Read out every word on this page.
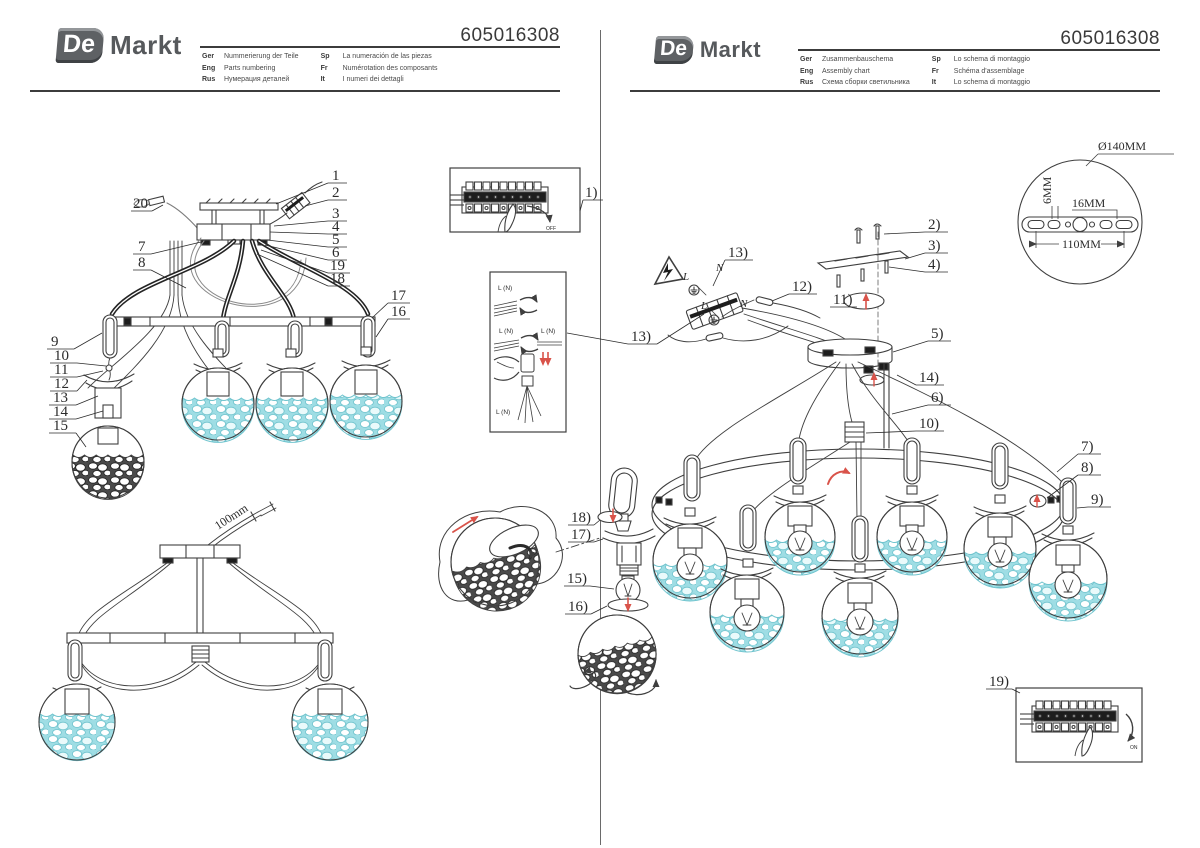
De Markt	605016308
Ger	Nummerierung der Teile
Eng	Parts numbering
Rus	Нумерация деталей
Sp	La numeración de las piezas
Fr	Numérotation des composants
It	I numeri dei dettagli
De Markt	605016308
Ger	Zusammenbauschema
Eng	Assembly chart
Rus	Схема сборки светильника
Sp	Lo schema di montaggio
Fr	Schéma d'assemblage
It	Lo schema di montaggio
OFF
L (N)
L (N)	L (N)
L (N)
ON
1
2
3
4
5
6
19
18
20
7
8
9
10
11
12
13
14
15
17
16
1)
2)
3)
4)
12)
11)
13)
13)	5)
14)
6)
10)
7)
8)
9)
19)
18)
17)
15)
16)
N
L
L	N
Ø140MM
16MM
6MM
110MM
100mm
